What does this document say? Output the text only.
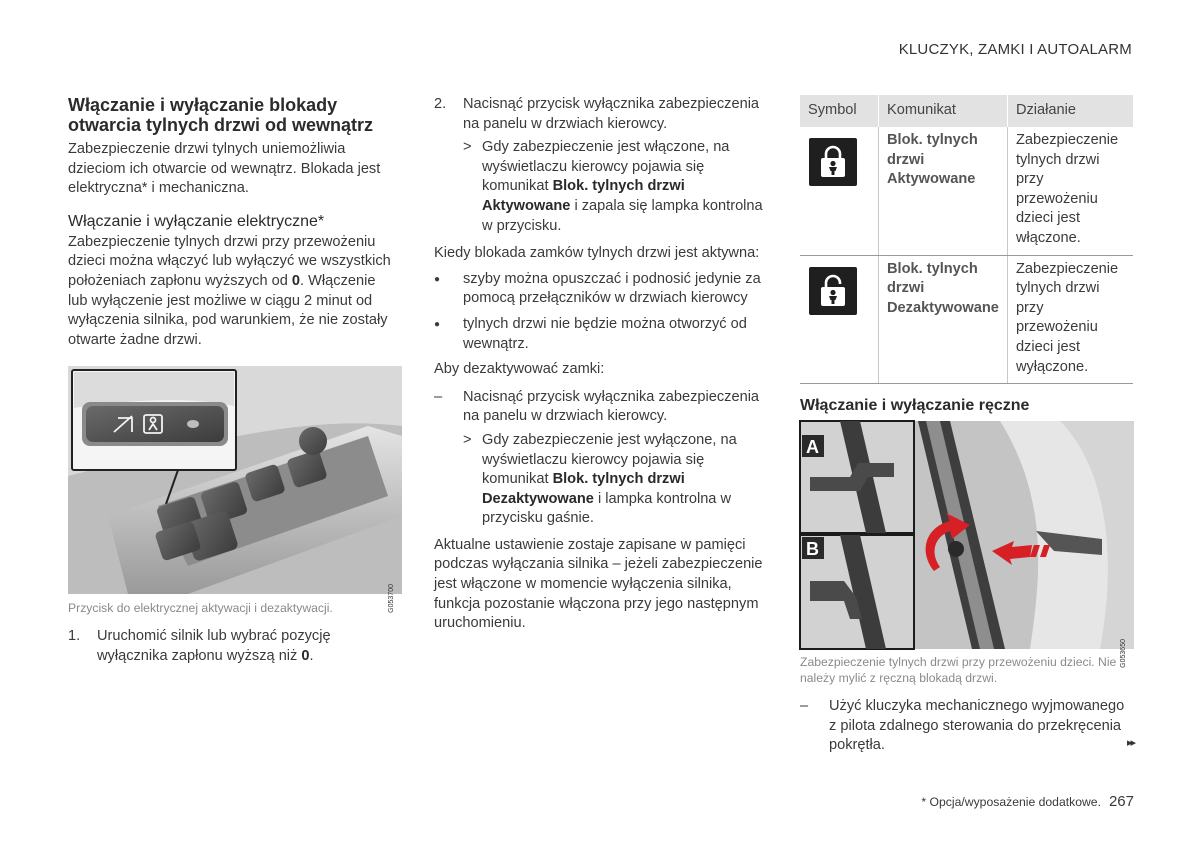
KLUCZYK, ZAMKI I AUTOALARM
Włączanie i wyłączanie blokady otwarcia tylnych drzwi od wewnątrz

Zabezpieczenie drzwi tylnych uniemożliwia dzieciom ich otwarcie od wewnątrz. Blokada jest elektryczna* i mechaniczna.

Włączanie i wyłączanie elektryczne*

Zabezpieczenie tylnych drzwi przy przewożeniu dzieci można włączyć lub wyłączyć we wszystkich położeniach zapłonu wyższych od 0. Włączenie lub wyłączenie jest możliwe w ciągu 2 minut od wyłączenia silnika, pod warunkiem, że nie zostały otwarte żadne drzwi.

G053700
Przycisk do elektrycznej aktywacji i dezaktywacji.
1. Uruchomić silnik lub wybrać pozycję wyłącznika zapłonu wyższą niż 0.
2. Nacisnąć przycisk wyłącznika zabezpieczenia na panelu w drzwiach kierowcy.
> Gdy zabezpieczenie jest włączone, na wyświetlaczu kierowcy pojawia się komunikat Blok. tylnych drzwi Aktywowane i zapala się lampka kontrolna w przycisku.

Kiedy blokada zamków tylnych drzwi jest aktywna:

● szyby można opuszczać i podnosić jedynie za pomocą przełączników w drzwiach kierowcy
● tylnych drzwi nie będzie można otworzyć od wewnątrz.

Aby dezaktywować zamki:

– Nacisnąć przycisk wyłącznika zabezpieczenia na panelu w drzwiach kierowcy.
> Gdy zabezpieczenie jest wyłączone, na wyświetlaczu kierowcy pojawia się komunikat Blok. tylnych drzwi Dezaktywowane i lampka kontrolna w przycisku gaśnie.

Aktualne ustawienie zostaje zapisane w pamięci podczas wyłączania silnika – jeżeli zabezpieczenie jest włączone w momencie wyłączenia silnika, funkcja pozostanie włączona przy jego następnym uruchomieniu.

Symbol	Komunikat	Działanie

	Blok. tylnych drzwi Aktywowane	Zabezpieczenie tylnych drzwi przy przewożeniu dzieci jest włączone.

	Blok. tylnych drzwi Dezaktywowane	Zabezpieczenie tylnych drzwi przy przewożeniu dzieci jest wyłączone.
Włączanie i wyłączanie ręczne
A
B
G053650
Zabezpieczenie tylnych drzwi przy przewożeniu dzieci. Nie należy mylić z ręczną blokadą drzwi.
– Użyć kluczyka mechanicznego wyjmowanego z pilota zdalnego sterowania do przekręcenia pokrętła.	▸▸
* Opcja/wyposażenie dodatkowe. 267
